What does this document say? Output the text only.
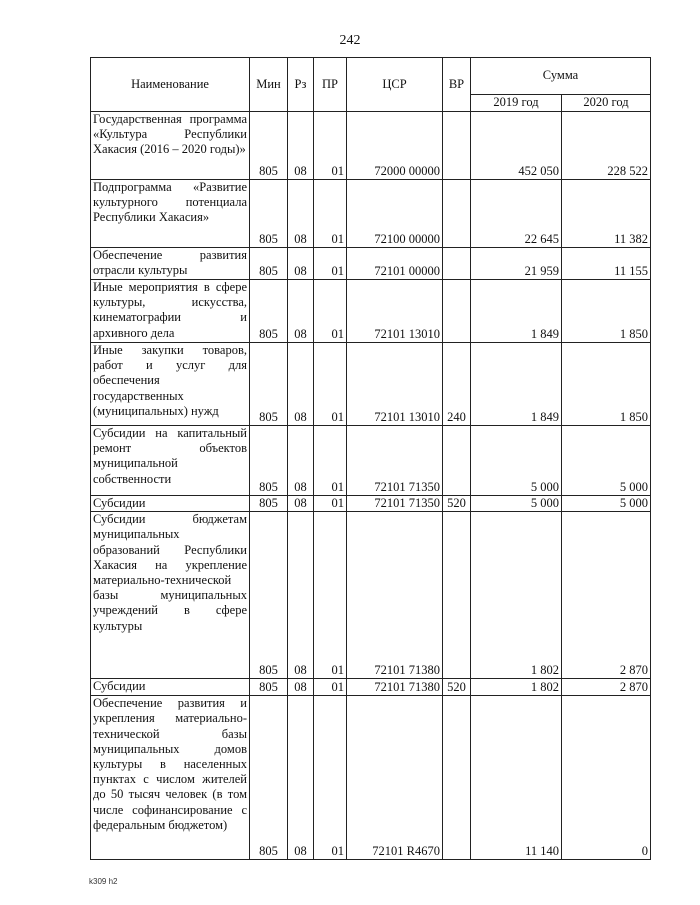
242
Наименование	Мин	Рз	ПР	ЦСР	ВР	Сумма	
						2019 год	2020 год

Государственная программа «Культура Республики Хакасия (2016 – 2020 годы)»	805	08	01	72000 00000		452 050	228 522

Подпрограмма «Развитие культурного потенциала Республики Хакасия»	805	08	01	72100 00000		22 645	11 382

Обеспечение развития отрасли культуры	805	08	01	72101 00000		21 959	11 155

Иные мероприятия в сфере культуры, искусства, кинематографии и архивного дела	805	08	01	72101 13010		1 849	1 850

Иные закупки товаров, работ и услуг для обеспечения государственных (муниципальных) нужд	805	08	01	72101 13010	240	1 849	1 850

Субсидии на капитальный ремонт объектов муниципальной собственности	805	08	01	72101 71350		5 000	5 000

Субсидии	805	08	01	72101 71350	520	5 000	5 000

Субсидии бюджетам муниципальных образований Республики Хакасия на укрепление материально-технической базы муниципальных учреждений в сфере культуры	805	08	01	72101 71380		1 802	2 870

Субсидии	805	08	01	72101 71380	520	1 802	2 870

Обеспечение развития и укрепления материально-технической базы муниципальных домов культуры в населенных пунктах с числом жителей до 50 тысяч человек (в том числе софинансирование с федеральным бюджетом)	805	08	01	72101 R4670		11 140	0
k309 h2
